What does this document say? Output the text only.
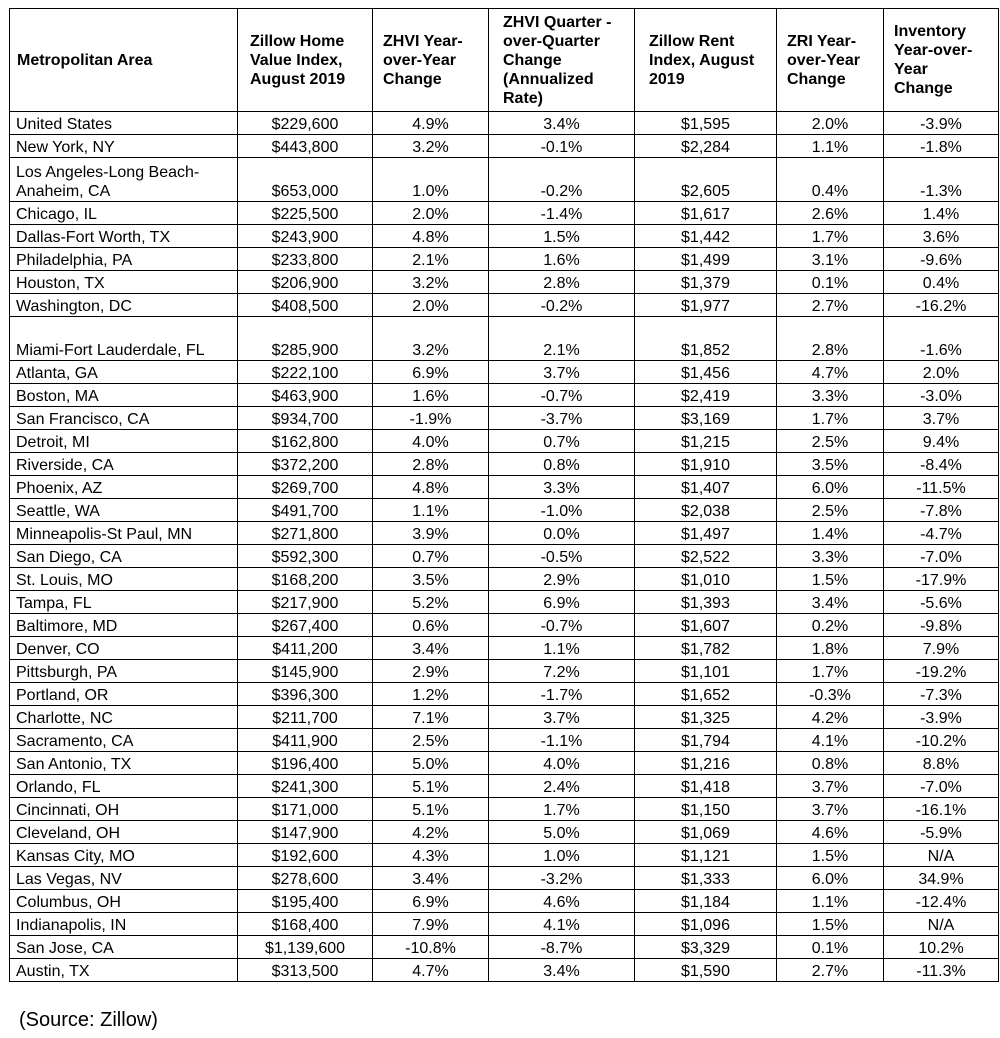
Metropolitan Area	Zillow Home Value Index, August 2019	ZHVI Year-over-Year Change	ZHVI Quarter -over-Quarter Change (Annualized Rate)	Zillow Rent Index, August 2019	ZRI Year-over-Year Change	Inventory Year-over-Year Change
United States	$229,600	4.9%	3.4%	$1,595	2.0%	-3.9%
New York, NY	$443,800	3.2%	-0.1%	$2,284	1.1%	-1.8%
Los Angeles-Long Beach-Anaheim, CA	$653,000	1.0%	-0.2%	$2,605	0.4%	-1.3%
Chicago, IL	$225,500	2.0%	-1.4%	$1,617	2.6%	1.4%
Dallas-Fort Worth, TX	$243,900	4.8%	1.5%	$1,442	1.7%	3.6%
Philadelphia, PA	$233,800	2.1%	1.6%	$1,499	3.1%	-9.6%
Houston, TX	$206,900	3.2%	2.8%	$1,379	0.1%	0.4%
Washington, DC	$408,500	2.0%	-0.2%	$1,977	2.7%	-16.2%
Miami-Fort Lauderdale, FL	$285,900	3.2%	2.1%	$1,852	2.8%	-1.6%
Atlanta, GA	$222,100	6.9%	3.7%	$1,456	4.7%	2.0%
Boston, MA	$463,900	1.6%	-0.7%	$2,419	3.3%	-3.0%
San Francisco, CA	$934,700	-1.9%	-3.7%	$3,169	1.7%	3.7%
Detroit, MI	$162,800	4.0%	0.7%	$1,215	2.5%	9.4%
Riverside, CA	$372,200	2.8%	0.8%	$1,910	3.5%	-8.4%
Phoenix, AZ	$269,700	4.8%	3.3%	$1,407	6.0%	-11.5%
Seattle, WA	$491,700	1.1%	-1.0%	$2,038	2.5%	-7.8%
Minneapolis-St Paul, MN	$271,800	3.9%	0.0%	$1,497	1.4%	-4.7%
San Diego, CA	$592,300	0.7%	-0.5%	$2,522	3.3%	-7.0%
St. Louis, MO	$168,200	3.5%	2.9%	$1,010	1.5%	-17.9%
Tampa, FL	$217,900	5.2%	6.9%	$1,393	3.4%	-5.6%
Baltimore, MD	$267,400	0.6%	-0.7%	$1,607	0.2%	-9.8%
Denver, CO	$411,200	3.4%	1.1%	$1,782	1.8%	7.9%
Pittsburgh, PA	$145,900	2.9%	7.2%	$1,101	1.7%	-19.2%
Portland, OR	$396,300	1.2%	-1.7%	$1,652	-0.3%	-7.3%
Charlotte, NC	$211,700	7.1%	3.7%	$1,325	4.2%	-3.9%
Sacramento, CA	$411,900	2.5%	-1.1%	$1,794	4.1%	-10.2%
San Antonio, TX	$196,400	5.0%	4.0%	$1,216	0.8%	8.8%
Orlando, FL	$241,300	5.1%	2.4%	$1,418	3.7%	-7.0%
Cincinnati, OH	$171,000	5.1%	1.7%	$1,150	3.7%	-16.1%
Cleveland, OH	$147,900	4.2%	5.0%	$1,069	4.6%	-5.9%
Kansas City, MO	$192,600	4.3%	1.0%	$1,121	1.5%	N/A
Las Vegas, NV	$278,600	3.4%	-3.2%	$1,333	6.0%	34.9%
Columbus, OH	$195,400	6.9%	4.6%	$1,184	1.1%	-12.4%
Indianapolis, IN	$168,400	7.9%	4.1%	$1,096	1.5%	N/A
San Jose, CA	$1,139,600	-10.8%	-8.7%	$3,329	0.1%	10.2%
Austin, TX	$313,500	4.7%	3.4%	$1,590	2.7%	-11.3%
(Source: Zillow)
